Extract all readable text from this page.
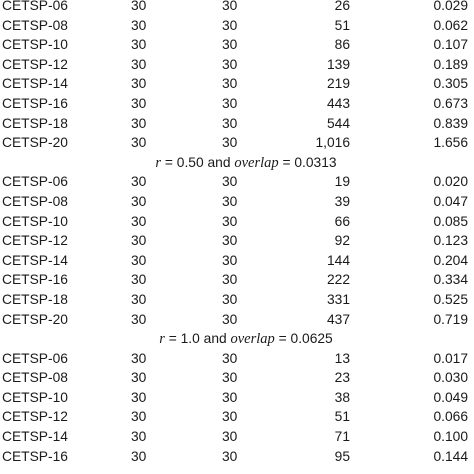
CETSP-06	30	30	26	0.029
CETSP-08	30	30	51	0.062
CETSP-10	30	30	86	0.107
CETSP-12	30	30	139	0.189
CETSP-14	30	30	219	0.305
CETSP-16	30	30	443	0.673
CETSP-18	30	30	544	0.839
CETSP-20	30	30	1,016	1.656
r = 0.50 and overlap = 0.0313
CETSP-06	30	30	19	0.020
CETSP-08	30	30	39	0.047
CETSP-10	30	30	66	0.085
CETSP-12	30	30	92	0.123
CETSP-14	30	30	144	0.204
CETSP-16	30	30	222	0.334
CETSP-18	30	30	331	0.525
CETSP-20	30	30	437	0.719
r = 1.0 and overlap = 0.0625
CETSP-06	30	30	13	0.017
CETSP-08	30	30	23	0.030
CETSP-10	30	30	38	0.049
CETSP-12	30	30	51	0.066
CETSP-14	30	30	71	0.100
CETSP-16	30	30	95	0.144
